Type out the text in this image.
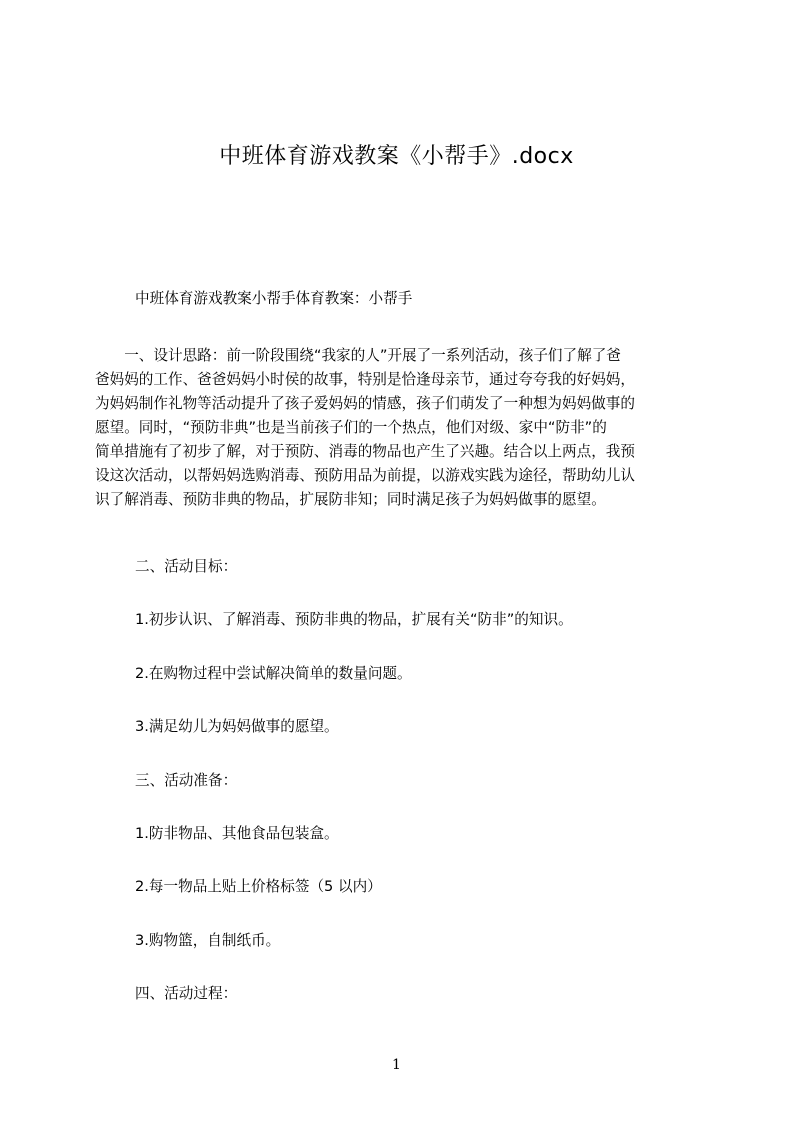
中班体育游戏教案《小帮手》.docx
中班体育游戏教案小帮手体育教案：小帮手
　　一、设计思路：前一阶段围绕“我家的人”开展了一系列活动，孩子们了解了爸
爸妈妈的工作、爸爸妈妈小时侯的故事，特别是恰逢母亲节，通过夸夸我的好妈妈，
为妈妈制作礼物等活动提升了孩子爱妈妈的情感，孩子们萌发了一种想为妈妈做事的
愿望。同时，“预防非典”也是当前孩子们的一个热点，他们对级、家中“防非”的
简单措施有了初步了解，对于预防、消毒的物品也产生了兴趣。结合以上两点，我预
设这次活动，以帮妈妈选购消毒、预防用品为前提，以游戏实践为途径，帮助幼儿认
识了解消毒、预防非典的物品，扩展防非知；同时满足孩子为妈妈做事的愿望。
二、活动目标：
1.初步认识、了解消毒、预防非典的物品，扩展有关“防非”的知识。
2.在购物过程中尝试解决简单的数量问题。
3.满足幼儿为妈妈做事的愿望。
三、活动准备：
1.防非物品、其他食品包装盒。
2.每一物品上贴上价格标签（5 以内）
3.购物篮，自制纸币。
四、活动过程：
1
